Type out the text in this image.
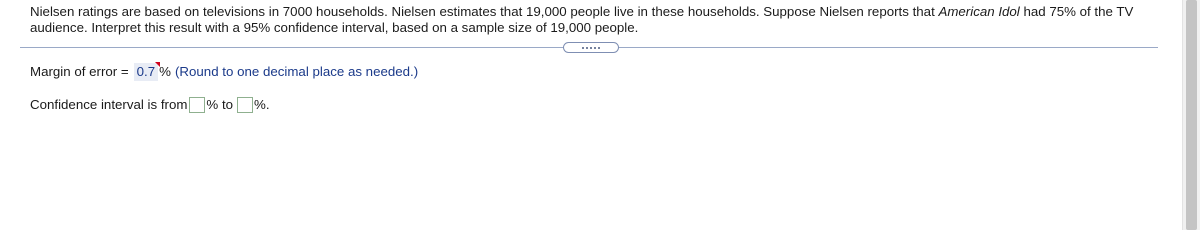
Nielsen ratings are based on televisions in 7000 households. Nielsen estimates that 19,000 people live in these households. Suppose Nielsen reports that American Idol had 75% of the TV audience. Interpret this result with a 95% confidence interval, based on a sample size of 19,000 people.
Margin of error = 0.7 % (Round to one decimal place as needed.)
Confidence interval is from % to %.
